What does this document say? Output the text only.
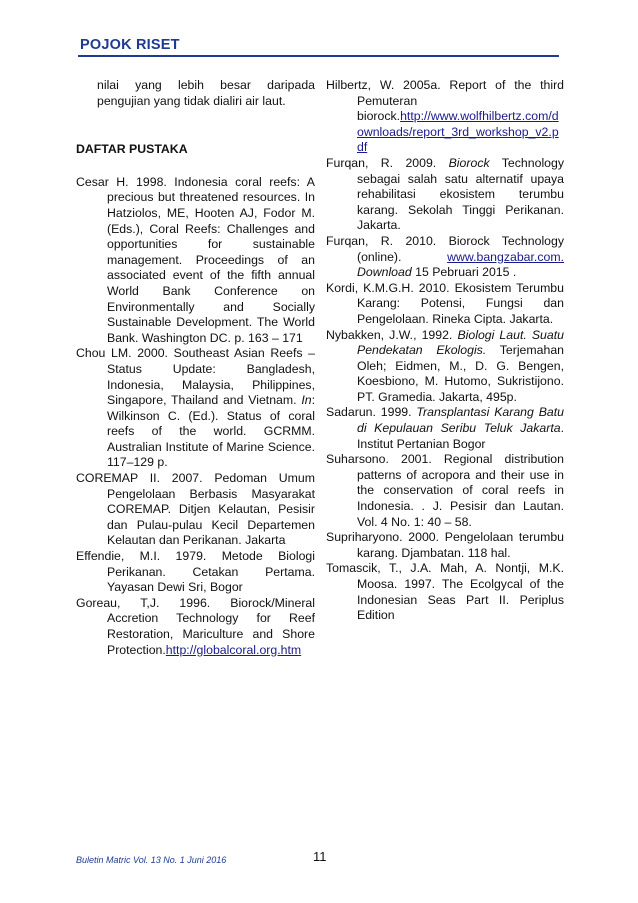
POJOK RISET

nilai yang lebih besar daripada pengujian yang tidak dialiri air laut.

DAFTAR PUSTAKA
Cesar H. 1998. Indonesia coral reefs: A precious but threatened resources. In Hatziolos, ME, Hooten AJ, Fodor M.(Eds.), Coral Reefs: Challenges and opportunities for sustainable management. Proceedings of an associated event of the fifth annual World Bank Conference on Environmentally and Socially Sustainable Development. The World Bank. Washington DC. p. 163 – 171
Chou LM. 2000. Southeast Asian Reefs – Status Update: Bangladesh, Indonesia, Malaysia, Philippines, Singapore, Thailand and Vietnam. In: Wilkinson C. (Ed.). Status of coral reefs of the world. GCRMM. Australian Institute of Marine Science. 117–129 p.
COREMAP II. 2007. Pedoman Umum Pengelolaan Berbasis Masyarakat COREMAP. Ditjen Kelautan, Pesisir dan Pulau-pulau Kecil Departemen Kelautan dan Perikanan. Jakarta
Effendie, M.I. 1979. Metode Biologi Perikanan. Cetakan Pertama. Yayasan Dewi Sri, Bogor
Goreau, T,J. 1996. Biorock/Mineral Accretion Technology for Reef Restoration, Mariculture and Shore Protection.http://globalcoral.org.htm
Hilbertz, W. 2005a. Report of the third Pemuteran biorock.http://www.wolfhilbertz.com/downloads/report_3rd_workshop_v2.pdf
Furqan, R. 2009. Biorock Technology sebagai salah satu alternatif upaya rehabilitasi ekosistem terumbu karang. Sekolah Tinggi Perikanan. Jakarta.
Furqan, R. 2010. Biorock Technology (online). www.bangzabar.com. Download 15 Pebruari 2015 .
Kordi, K.M.G.H. 2010. Ekosistem Terumbu Karang: Potensi, Fungsi dan Pengelolaan. Rineka Cipta. Jakarta.
Nybakken, J.W., 1992. Biologi Laut. Suatu Pendekatan Ekologis. Terjemahan Oleh; Eidmen, M., D. G. Bengen, Koesbiono, M. Hutomo, Sukristijono. PT. Gramedia. Jakarta, 495p.
Sadarun. 1999. Transplantasi Karang Batu di Kepulauan Seribu Teluk Jakarta. Institut Pertanian Bogor
Suharsono. 2001. Regional distribution patterns of acropora and their use in the conservation of coral reefs in Indonesia. . J. Pesisir dan Lautan. Vol. 4 No. 1: 40 – 58.
Supriharyono. 2000. Pengelolaan terumbu karang. Djambatan. 118 hal.
Tomascik, T., J.A. Mah, A. Nontji, M.K. Moosa. 1997. The Ecolgycal of the Indonesian Seas Part II. Periplus Edition
Buletin Matric Vol. 13 No. 1 Juni 2016	11
